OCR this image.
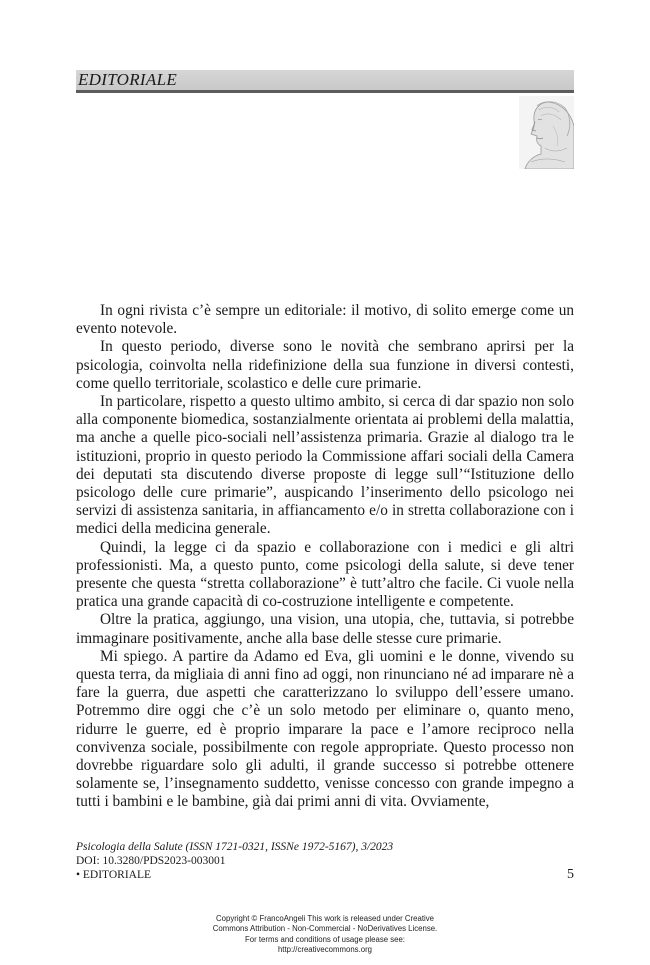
EDITORIALE

In ogni rivista c’è sempre un editoriale: il motivo, di solito emerge come un evento notevole.

In questo periodo, diverse sono le novità che sembrano aprirsi per la psicologia, coinvolta nella ridefinizione della sua funzione in diversi contesti, come quello territoriale, scolastico e delle cure primarie.

In particolare, rispetto a questo ultimo ambito, si cerca di dar spazio non solo alla componente biomedica, sostanzialmente orientata ai problemi della malattia, ma anche a quelle pico-sociali nell’assistenza primaria. Grazie al dialogo tra le istituzioni, proprio in questo periodo la Commissione affari sociali della Camera dei deputati sta discutendo diverse proposte di legge sull’“Istituzione dello psicologo delle cure primarie”, auspicando l’inserimento dello psicologo nei servizi di assistenza sanitaria, in affiancamento e/o in stretta collaborazione con i medici della medicina generale.

Quindi, la legge ci da spazio e collaborazione con i medici e gli altri professionisti. Ma, a questo punto, come psicologi della salute, si deve tener presente che questa “stretta collaborazione” è tutt’altro che facile. Ci vuole nella pratica una grande capacità di co-costruzione intelligente e competente.

Oltre la pratica, aggiungo, una vision, una utopia, che, tuttavia, si potrebbe immaginare positivamente, anche alla base delle stesse cure primarie.

Mi spiego. A partire da Adamo ed Eva, gli uomini e le donne, vivendo su questa terra, da migliaia di anni fino ad oggi, non rinunciano né ad imparare nè a fare la guerra, due aspetti che caratterizzano lo sviluppo dell’essere umano. Potremmo dire oggi che c’è un solo metodo per eliminare o, quanto meno, ridurre le guerre, ed è proprio imparare la pace e l’amore reciproco nella convivenza sociale, possibilmente con regole appropriate. Questo processo non dovrebbe riguardare solo gli adulti, il grande successo si potrebbe ottenere solamente se, l’insegnamento suddetto, venisse concesso con grande impegno a tutti i bambini e le bambine, già dai primi anni di vita. Ovviamente,

Psicologia della Salute (ISSN 1721-0321, ISSNe 1972-5167), 3/2023
DOI: 10.3280/PDS2023-003001
• EDITORIALE	5
Copyright © FrancoAngeli This work is released under Creative
Commons Attribution - Non-Commercial - NoDerivatives License.
For terms and conditions of usage please see:
http://creativecommons.org
